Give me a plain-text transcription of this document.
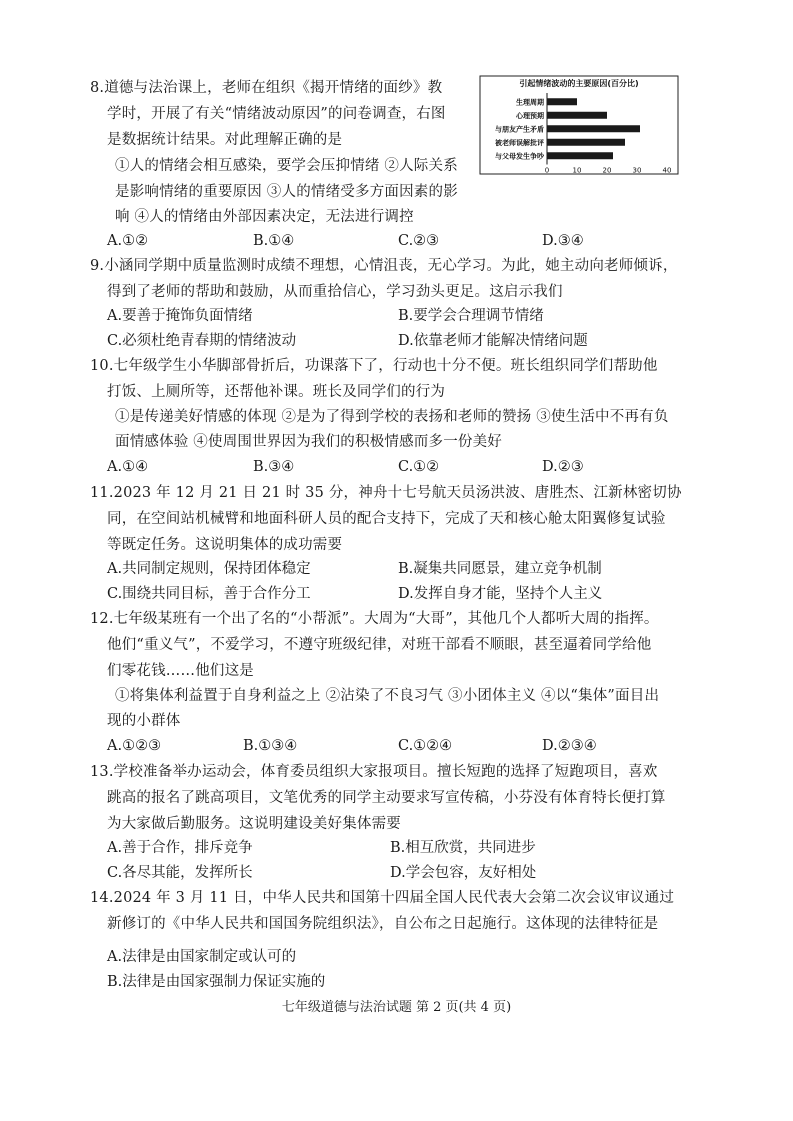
8.道德与法治课上，老师在组织《揭开情绪的面纱》教
学时，开展了有关“情绪波动原因”的问卷调查，右图
是数据统计结果。对此理解正确的是
①人的情绪会相互感染，要学会压抑情绪 ②人际关系
是影响情绪的重要原因 ③人的情绪受多方面因素的影
响 ④人的情绪由外部因素决定，无法进行调控
A.①②	B.①④	C.②③	D.③④
引起情绪波动的主要原因(百分比)
生理周期
心理预期
与朋友产生矛盾
被老师误解批评
与父母发生争吵
0	10	20	30	40
9.小涵同学期中质量监测时成绩不理想，心情沮丧，无心学习。为此，她主动向老师倾诉，
得到了老师的帮助和鼓励，从而重拾信心，学习劲头更足。这启示我们
A.要善于掩饰负面情绪	B.要学会合理调节情绪
C.必须杜绝青春期的情绪波动	D.依靠老师才能解决情绪问题
10.七年级学生小华脚部骨折后，功课落下了，行动也十分不便。班长组织同学们帮助他
打饭、上厕所等，还帮他补课。班长及同学们的行为
①是传递美好情感的体现 ②是为了得到学校的表扬和老师的赞扬 ③使生活中不再有负
面情感体验 ④使周围世界因为我们的积极情感而多一份美好
A.①④	B.③④	C.①②	D.②③
11.2023 年 12 月 21 日 21 时 35 分，神舟十七号航天员汤洪波、唐胜杰、江新林密切协
同，在空间站机械臂和地面科研人员的配合支持下，完成了天和核心舱太阳翼修复试验
等既定任务。这说明集体的成功需要
A.共同制定规则，保持团体稳定	B.凝集共同愿景，建立竞争机制
C.围绕共同目标，善于合作分工	D.发挥自身才能，坚持个人主义
12.七年级某班有一个出了名的“小帮派”。大周为“大哥”，其他几个人都听大周的指挥。
他们“重义气”，不爱学习，不遵守班级纪律，对班干部看不顺眼，甚至逼着同学给他
们零花钱……他们这是
①将集体利益置于自身利益之上 ②沾染了不良习气 ③小团体主义 ④以“集体”面目出
现的小群体
A.①②③	B.①③④	C.①②④	D.②③④
13.学校准备举办运动会，体育委员组织大家报项目。擅长短跑的选择了短跑项目，喜欢
跳高的报名了跳高项目，文笔优秀的同学主动要求写宣传稿，小芬没有体育特长便打算
为大家做后勤服务。这说明建设美好集体需要
A.善于合作，排斥竞争	B.相互欣赏，共同进步
C.各尽其能，发挥所长	D.学会包容，友好相处
14.2024 年 3 月 11 日，中华人民共和国第十四届全国人民代表大会第二次会议审议通过
新修订的《中华人民共和国国务院组织法》，自公布之日起施行。这体现的法律特征是
A.法律是由国家制定或认可的
B.法律是由国家强制力保证实施的
七年级道德与法治试题 第 2 页(共 4 页)
